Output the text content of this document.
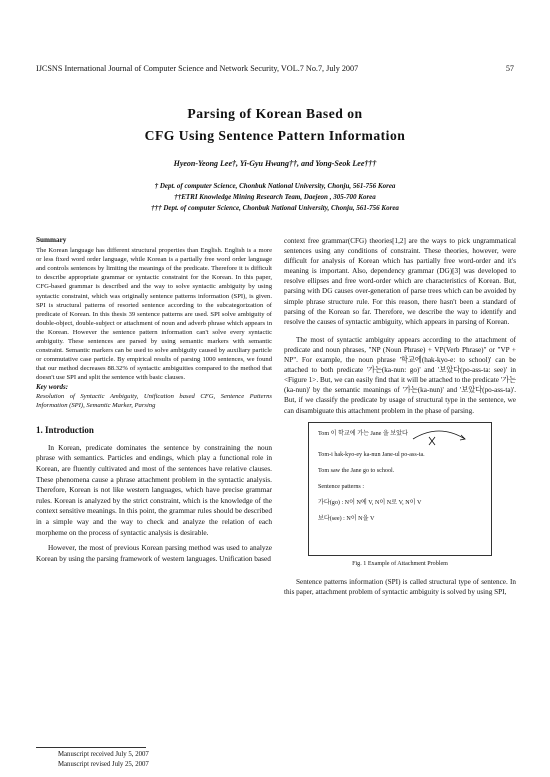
IJCSNS International Journal of Computer Science and Network Security, VOL.7 No.7, July 2007	57
Parsing of Korean Based on
CFG Using Sentence Pattern Information
Hyeon-Yeong Lee†, Yi-Gyu Hwang††, and Yong-Seok Lee†††
† Dept. of computer Science, Chonbuk National University, Chonju, 561-756 Korea
††ETRI Knowledge Mining Research Team, Daejeon , 305-700 Korea
††† Dept. of computer Science, Chonbuk National University, Chonju, 561-756 Korea
Summary
The Korean language has different structural properties than English. English is a more or less fixed word order language, while Korean is a partially free word order language and controls sentences by limiting the meanings of the predicate. Therefore it is difficult to describe appropriate grammar or syntactic constraint for the Korean. In this paper, CFG-based grammar is described and the way to solve syntactic ambiguity by using syntactic constraint, which was originally sentence patterns information (SPI), is given. SPI is structural patterns of resorted sentence according to the subcategorization of predicate of Korean. In this thesis 39 sentence patterns are used. SPI solve ambiguity of double-object, double-subject or attachment of noun and adverb phrase which appears in the Korean. However the sentence pattern information can't solve every syntactic ambiguity. These sentences are parsed by using semantic markers with semantic constraint. Semantic markers can be used to solve ambiguity caused by auxiliary particle or commutative case particle. By empirical results of parsing 1000 sentences, we found that our method decreases 88.32% of syntactic ambiguities compared to the method that doesn't use SPI and split the sentence with basic clauses.
Key words:
Resolution of Syntactic Ambiguity, Unification based CFG, Sentence Patterns Information (SPI), Semantic Marker, Parsing
1. Introduction

In Korean, predicate dominates the sentence by constraining the noun phrase with semantics. Particles and endings, which play a functional role in Korean, are fluently cultivated and most of the sentences have relative clauses. These phenomena cause a phrase attachment problem in the syntactic analysis. Therefore, Korean is not like western languages, which have precise grammar rules. Korean is analyzed by the strict constraint, which is the knowledge of the context sensitive meanings. In this point, the grammar rules should be described in a simple way and the way to check and analyze the relation of each morpheme on the process of syntactic analysis is desirable.

However, the most of previous Korean parsing method was used to analyze Korean by using the parsing framework of western languages. Unification based

context free grammar(CFG) theories[1,2] are the ways to pick ungrammatical sentences using any conditions of constraint. These theories, however, were difficult for analysis of Korean which has partially free word-order and it's meaning is important. Also, dependency grammar (DG)[3] was developed to resolve ellipses and free word-order which are characteristics of Korean. But, parsing with DG causes over-generation of parse trees which can be avoided by simple phrase structure rule. For this reason, there hasn't been a standard of parsing of the Korean so far. Therefore, we describe the way to identify and resolve the causes of syntactic ambiguity, which appears in parsing of Korean.

The most of syntactic ambiguity appears according to the attachment of predicate and noun phrases, "NP (Noun Phrase) + VP(Verb Phrase)" or "VP + NP". For example, the noun phrase '학교에(hak-kyo-e: to school)' can be attached to both predicate '가는(ka-nun: go)' and '보았다(po-ass-ta: see)' in <Figure 1>. But, we can easily find that it will be attached to the predicate '가는(ka-nun)' by the semantic meanings of '가는(ka-nun)' and '보았다(po-ass-ta)'. But, if we classify the predicate by usage of structural type in the sentence, we can disambiguate this attachment problem in the phase of parsing.

Tom 이 학교에 가는 Jane 을 보았다
Tom-i hak-kyo-ey ka-nun Jane-ul po-ass-ta.
Tom saw the Jane go to school.
Sentence patterns :
가다(go) : N이 N에 V, N이 N로 V, N이 V
보다(see) : N이 N을 V
Fig. 1 Example of Attachment Problem

Sentence patterns information (SPI) is called structural type of sentence. In this paper, attachment problem of syntactic ambiguity is solved by using SPI,

Manuscript received July 5, 2007
Manuscript revised July 25, 2007
